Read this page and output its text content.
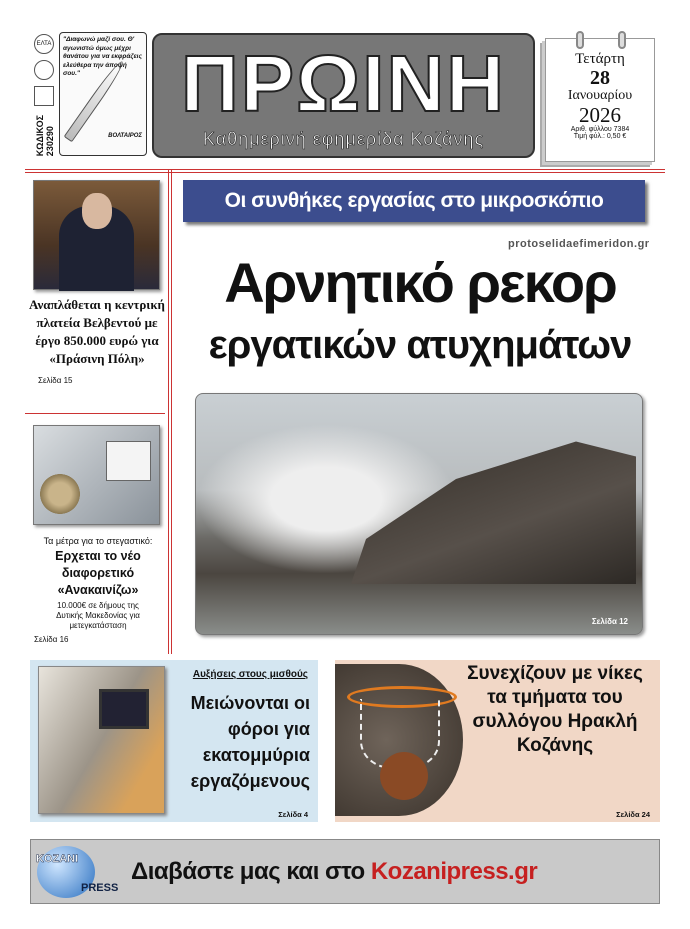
ΕΛΤΑ
ΚΩΔΙΚΟΣ
230290
"Διαφωνώ μαζί σου. Θ' αγωνιστώ όμως μέχρι θανάτου για να εκφράζεις ελεύθερα την άποψή σου."
ΒΟΛΤΑΙΡΟΣ
ΠΡΩΙΝΗ
Καθημερινή εφημερίδα Κοζάνης
Τετάρτη
28
Ιανουαρίου
2026
Αριθ. φύλλου 7384
Τιμή φύλ.: 0,50 €
Αναπλάθεται η κεντρική πλατεία Βελβεντού με έργο 850.000 ευρώ για «Πράσινη Πόλη»
Σελίδα 15
Τα μέτρα για το στεγαστικό:
Ερχεται το νέο διαφορετικό «Ανακαινίζω»
10.000€ σε δήμους της Δυτικής Μακεδονίας για μετεγκατάσταση
Σελίδα 16
Οι συνθήκες εργασίας στο μικροσκόπιο
protoselidaefimeridon.gr
Αρνητικό ρεκορ
εργατικών ατυχημάτων
Σελίδα 12
Αυξήσεις στους μισθούς
Μειώνονται οι φόροι για εκατομμύρια εργαζόμενους
Σελίδα 4
Συνεχίζουν με νίκες τα τμήματα του συλλόγου Ηρακλή Κοζάνης
Σελίδα 24
KOZANI
PRESS
Διαβάστε μας και στο Kozanipress.gr
